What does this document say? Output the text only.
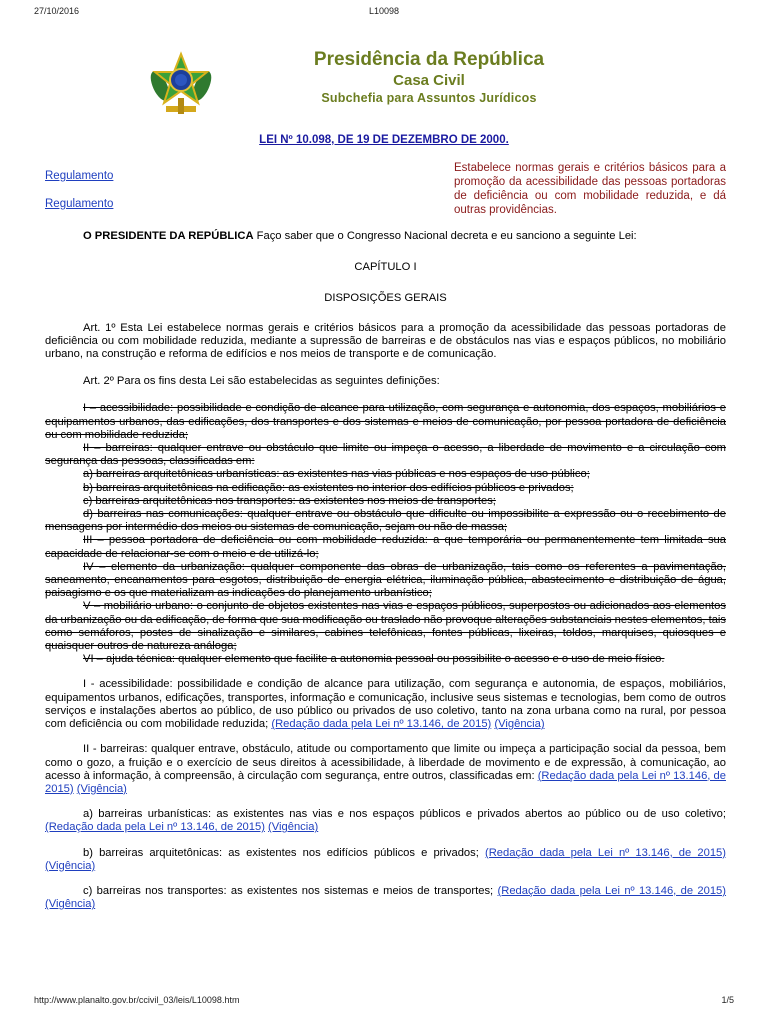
27/10/2016	L10098
Presidência da República
Casa Civil
Subchefia para Assuntos Jurídicos
LEI Nº 10.098, DE 19 DE DEZEMBRO DE 2000.
Regulamento
Regulamento
Estabelece normas gerais e critérios básicos para a promoção da acessibilidade das pessoas portadoras de deficiência ou com mobilidade reduzida, e dá outras providências.

O PRESIDENTE DA REPÚBLICA Faço saber que o Congresso Nacional decreta e eu sanciono a seguinte Lei:

CAPÍTULO I

DISPOSIÇÕES GERAIS

Art. 1º Esta Lei estabelece normas gerais e critérios básicos para a promoção da acessibilidade das pessoas portadoras de deficiência ou com mobilidade reduzida, mediante a supressão de barreiras e de obstáculos nas vias e espaços públicos, no mobiliário urbano, na construção e reforma de edifícios e nos meios de transporte e de comunicação.

Art. 2º Para os fins desta Lei são estabelecidas as seguintes definições:

I – acessibilidade: possibilidade e condição de alcance para utilização, com segurança e autonomia, dos espaços, mobiliários e equipamentos urbanos, das edificações, dos transportes e dos sistemas e meios de comunicação, por pessoa portadora de deficiência ou com mobilidade reduzida;

II – barreiras: qualquer entrave ou obstáculo que limite ou impeça o acesso, a liberdade de movimento e a circulação com segurança das pessoas, classificadas em:

a) barreiras arquitetônicas urbanísticas: as existentes nas vias públicas e nos espaços de uso público;

b) barreiras arquitetônicas na edificação: as existentes no interior dos edifícios públicos e privados;

c) barreiras arquitetônicas nos transportes: as existentes nos meios de transportes;

d) barreiras nas comunicações: qualquer entrave ou obstáculo que dificulte ou impossibilite a expressão ou o recebimento de mensagens por intermédio dos meios ou sistemas de comunicação, sejam ou não de massa;

III – pessoa portadora de deficiência ou com mobilidade reduzida: a que temporária ou permanentemente tem limitada sua capacidade de relacionar-se com o meio e de utilizá-lo;

IV – elemento da urbanização: qualquer componente das obras de urbanização, tais como os referentes a pavimentação, saneamento, encanamentos para esgotos, distribuição de energia elétrica, iluminação pública, abastecimento e distribuição de água, paisagismo e os que materializam as indicações do planejamento urbanístico;

V – mobiliário urbano: o conjunto de objetos existentes nas vias e espaços públicos, superpostos ou adicionados aos elementos da urbanização ou da edificação, de forma que sua modificação ou traslado não provoque alterações substanciais nestes elementos, tais como semáforos, postes de sinalização e similares, cabines telefônicas, fontes públicas, lixeiras, toldos, marquises, quiosques e quaisquer outros de natureza análoga;

VI – ajuda técnica: qualquer elemento que facilite a autonomia pessoal ou possibilite o acesso e o uso de meio físico.

I - acessibilidade: possibilidade e condição de alcance para utilização, com segurança e autonomia, de espaços, mobiliários, equipamentos urbanos, edificações, transportes, informação e comunicação, inclusive seus sistemas e tecnologias, bem como de outros serviços e instalações abertos ao público, de uso público ou privados de uso coletivo, tanto na zona urbana como na rural, por pessoa com deficiência ou com mobilidade reduzida; (Redação dada pela Lei nº 13.146, de 2015) (Vigência)

II - barreiras: qualquer entrave, obstáculo, atitude ou comportamento que limite ou impeça a participação social da pessoa, bem como o gozo, a fruição e o exercício de seus direitos à acessibilidade, à liberdade de movimento e de expressão, à comunicação, ao acesso à informação, à compreensão, à circulação com segurança, entre outros, classificadas em: (Redação dada pela Lei nº 13.146, de 2015) (Vigência)

a) barreiras urbanísticas: as existentes nas vias e nos espaços públicos e privados abertos ao público ou de uso coletivo; (Redação dada pela Lei nº 13.146, de 2015) (Vigência)

b) barreiras arquitetônicas: as existentes nos edifícios públicos e privados; (Redação dada pela Lei nº 13.146, de 2015) (Vigência)

c) barreiras nos transportes: as existentes nos sistemas e meios de transportes; (Redação dada pela Lei nº 13.146, de 2015) (Vigência)

http://www.planalto.gov.br/ccivil_03/leis/L10098.htm	1/5
